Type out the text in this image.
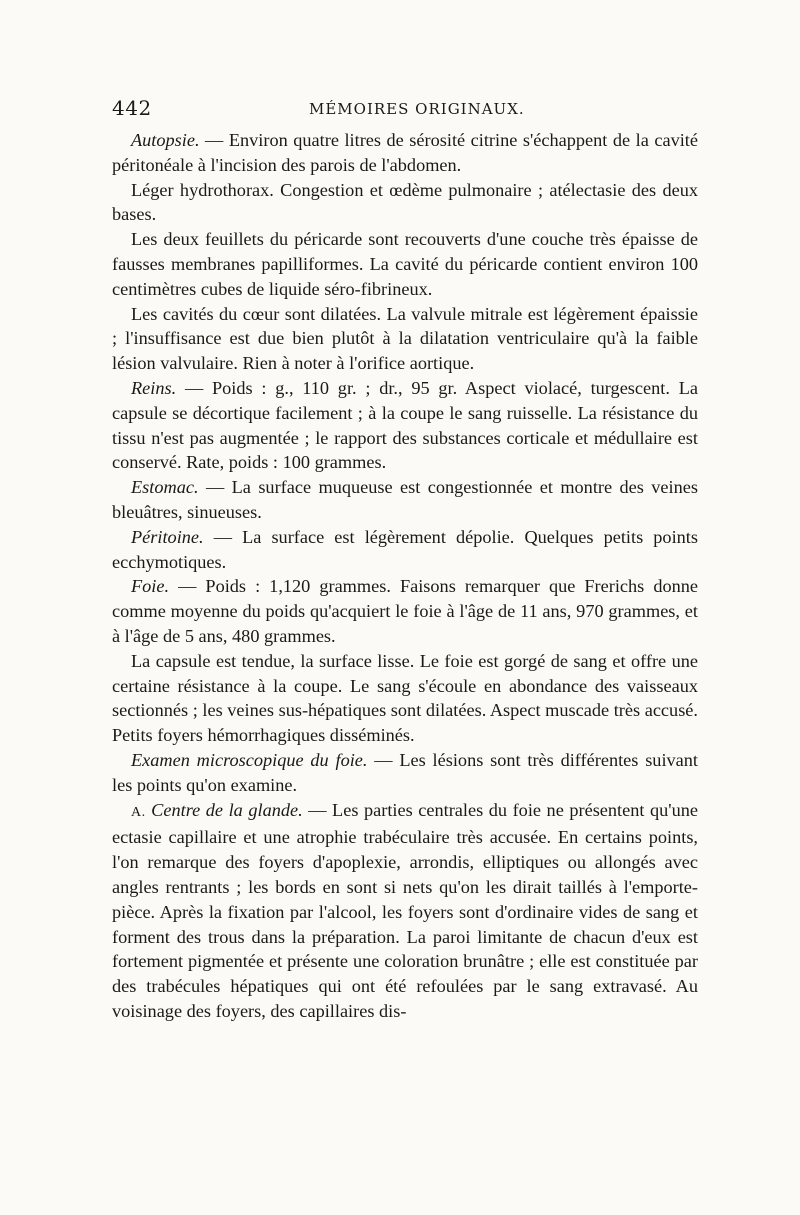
442	MÉMOIRES ORIGINAUX.

Autopsie. — Environ quatre litres de sérosité citrine s'échappent de la cavité péritonéale à l'incision des parois de l'abdomen.

Léger hydrothorax. Congestion et œdème pulmonaire ; atélectasie des deux bases.

Les deux feuillets du péricarde sont recouverts d'une couche très épaisse de fausses membranes papilliformes. La cavité du péricarde contient environ 100 centimètres cubes de liquide séro-fibrineux.

Les cavités du cœur sont dilatées. La valvule mitrale est légèrement épaissie ; l'insuffisance est due bien plutôt à la dilatation ventriculaire qu'à la faible lésion valvulaire. Rien à noter à l'orifice aortique.

Reins. — Poids : g., 110 gr. ; dr., 95 gr. Aspect violacé, turgescent. La capsule se décortique facilement ; à la coupe le sang ruisselle. La résistance du tissu n'est pas augmentée ; le rapport des substances corticale et médullaire est conservé. Rate, poids : 100 grammes.

Estomac. — La surface muqueuse est congestionnée et montre des veines bleuâtres, sinueuses.

Péritoine. — La surface est légèrement dépolie. Quelques petits points ecchymotiques.

Foie. — Poids : 1,120 grammes. Faisons remarquer que Frerichs donne comme moyenne du poids qu'acquiert le foie à l'âge de 11 ans, 970 grammes, et à l'âge de 5 ans, 480 grammes.

La capsule est tendue, la surface lisse. Le foie est gorgé de sang et offre une certaine résistance à la coupe. Le sang s'écoule en abondance des vaisseaux sectionnés ; les veines sus-hépatiques sont dilatées. Aspect muscade très accusé. Petits foyers hémorrhagiques disséminés.

Examen microscopique du foie. — Les lésions sont très différentes suivant les points qu'on examine.

A. Centre de la glande. — Les parties centrales du foie ne présentent qu'une ectasie capillaire et une atrophie trabéculaire très accusée. En certains points, l'on remarque des foyers d'apoplexie, arrondis, elliptiques ou allongés avec angles rentrants ; les bords en sont si nets qu'on les dirait taillés à l'emporte-pièce. Après la fixation par l'alcool, les foyers sont d'ordinaire vides de sang et forment des trous dans la préparation. La paroi limitante de chacun d'eux est fortement pigmentée et présente une coloration brunâtre ; elle est constituée par des trabécules hépatiques qui ont été refoulées par le sang extravasé. Au voisinage des foyers, des capillaires dis-
